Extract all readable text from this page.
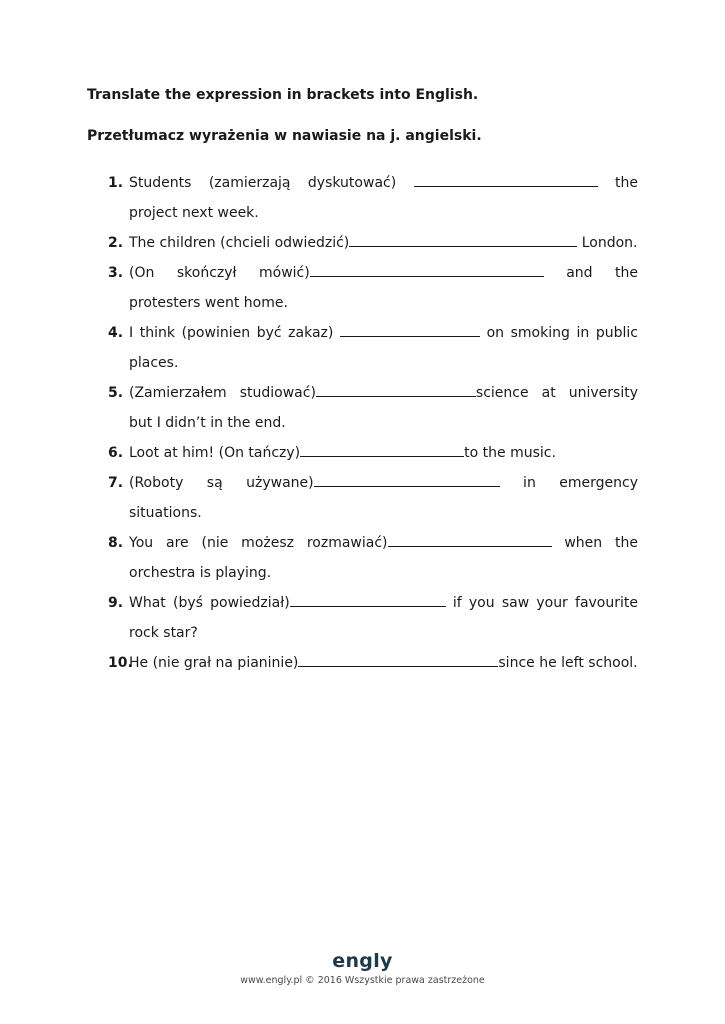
Translate the expression in brackets into English.
Przetłumacz wyrażenia w nawiasie na j. angielski.
1. Students (zamierzają dyskutować)	the project next week.
2. The children (chcieli odwiedzić)	London.
3. (On skończył mówić)	and the protesters went home.
4. I think (powinien być zakaz)	on smoking in public places.
5. (Zamierzałem studiować)	science at university but I didn’t in the end.
6. Loot at him! (On tańczy)	to the music.
7. (Roboty są używane)	in emergency situations.
8. You are (nie możesz rozmawiać)	when the orchestra is playing.
9. What (byś powiedział)	if you saw your favourite rock star?
10.
He (nie grał na pianinie)	since he left school.
engly
www.engly.pl © 2016 Wszystkie prawa zastrzeżone
